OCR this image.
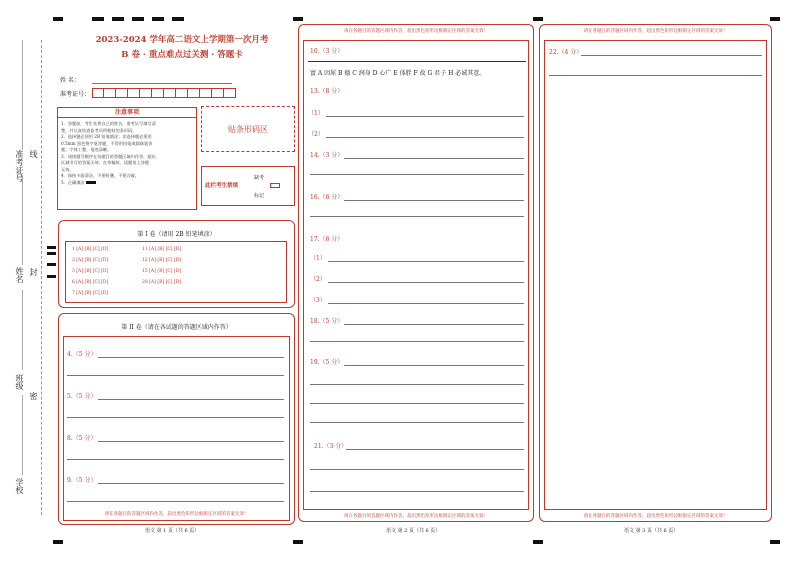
准考证号 线
姓名 封
班级
密
学校
2023-2024 学年高二语文上学期第一次月考
B 卷 · 重点难点过关测 · 答题卡
姓 名：
准考证号：
注意事项
1．答题前，考生先将自己的姓名，准考证号填写清
楚，并认真检查监考员所粘贴的条形码。
2．选择题必须用 2B 铅笔填涂；非选择题必须用
0.5mm 黑色签字笔答题，不得用铅笔或圆珠笔答
题；字体工整、笔迹清晰。
3．请按题号顺序在各题目的答题区域内作答，超出
区域书写的答案无效；在草稿纸、试题卷上答题
无效。
4．保持卡面清洁，不要折叠，不要弄破。
5．正确填涂
贴条形码区
此栏考生禁填
缺考
标记
第 I 卷（请用 2B 铅笔填涂）
1 [A] [B] [C] [D]
2 [A] [B] [C] [D]
3 [A] [B] [C] [D]
6 [A] [B] [C] [D]
7 [A] [B] [C] [D]
11 [A] [B] [C] [D]
12 [A] [B] [C] [D]
15 [A] [B] [C] [D]
20 [A] [B] [C] [D]
第 II 卷（请在各试题的答题区域内作答）
4.（5 分）
5.（5 分）
8.（5 分）
9.（5 分）
请在各题目的答题区域内作答，超出黑色矩形边框限定区域的答案无效！
语文 第 1 页（共 6 页）
请在各题目的答题区域内作答，超出黑色矩形边框限定区域的答案无效！
10.（3 分）
富 A 因犀 B 德 C 润身 D 心广 E 体胖 F 故 G 君子 H 必诚其意。
13.（8 分）
（1）
（2）
14.（3 分）
16.（6 分）
17.（6 分）
（1）
（2）
（3）
18.（5 分）
19.（5 分）
21.（3 分）
请在各题目的答题区域内作答，超出黑色矩形边框限定区域的答案无效！
语文 第 2 页（共 6 页）
请在各题目的答题区域内作答，超出黑色矩形边框限定区域的答案无效！
22.（4 分）
请在各题目的答题区域内作答，超出黑色矩形边框限定区域的答案无效！
语文 第 3 页（共 6 页）
